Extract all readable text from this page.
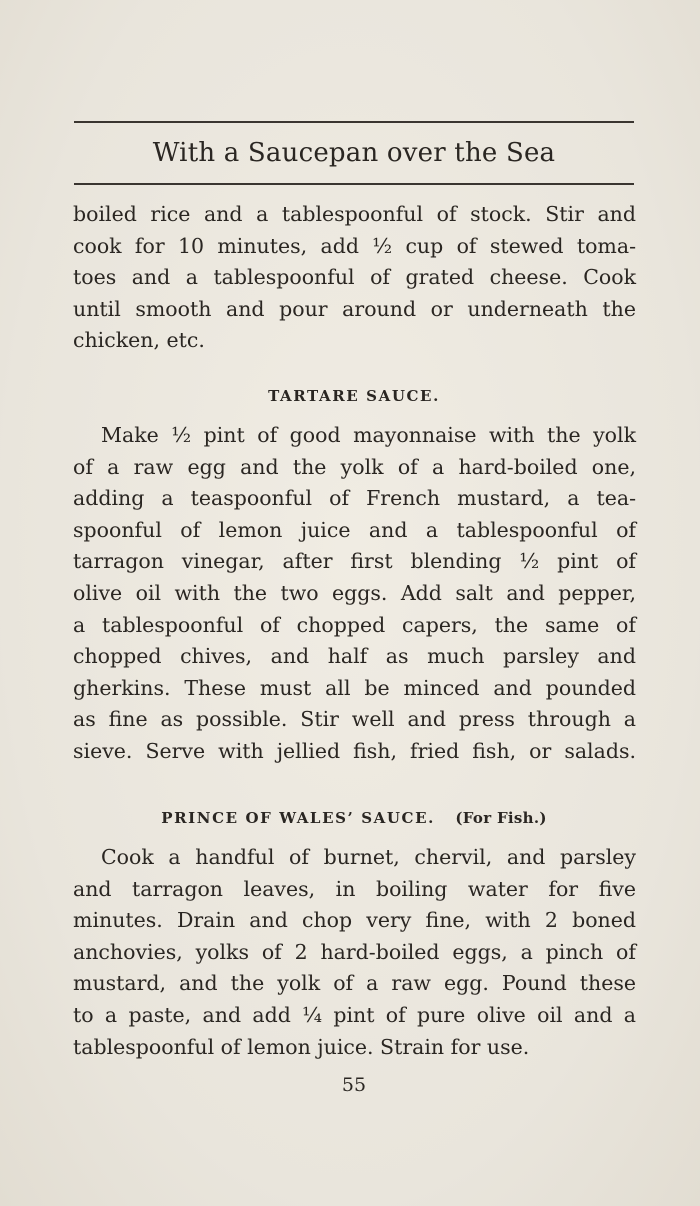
With a Saucepan over the Sea
boiled rice and a tablespoonful of stock. Stir and
cook for 10 minutes, add ½ cup of stewed toma-
toes and a tablespoonful of grated cheese. Cook
until smooth and pour around or underneath the
chicken, etc.
TARTARE SAUCE.
Make ½ pint of good mayonnaise with the yolk
of a raw egg and the yolk of a hard-boiled one,
adding a teaspoonful of French mustard, a tea-
spoonful of lemon juice and a tablespoonful of
tarragon vinegar, after first blending ½ pint of
olive oil with the two eggs. Add salt and pepper,
a tablespoonful of chopped capers, the same of
chopped chives, and half as much parsley and
gherkins. These must all be minced and pounded
as fine as possible. Stir well and press through a
sieve. Serve with jellied fish, fried fish, or salads.
PRINCE OF WALES’ SAUCE. (For Fish.)
Cook a handful of burnet, chervil, and parsley
and tarragon leaves, in boiling water for five
minutes. Drain and chop very fine, with 2 boned
anchovies, yolks of 2 hard-boiled eggs, a pinch of
mustard, and the yolk of a raw egg. Pound these
to a paste, and add ¼ pint of pure olive oil and a
tablespoonful of lemon juice. Strain for use.
55
